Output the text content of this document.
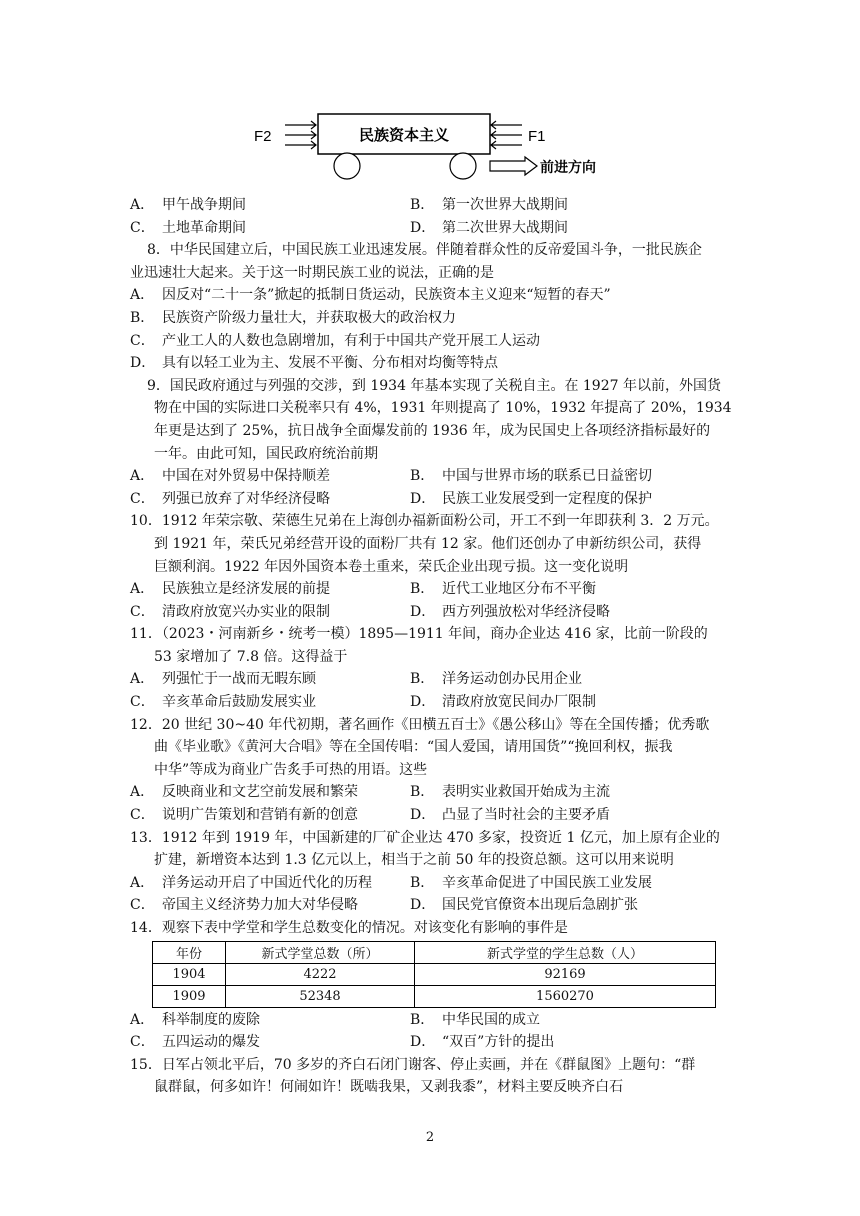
F2	民族资本主义	F1
前进方向
A． 甲午战争期间	B． 第一次世界大战期间
C． 土地革命期间	D． 第二次世界大战期间
8．中华民国建立后，中国民族工业迅速发展。伴随着群众性的反帝爱国斗争，一批民族企
业迅速壮大起来。关于这一时期民族工业的说法，正确的是
A． 因反对“二十一条”掀起的抵制日货运动，民族资本主义迎来“短暂的春天”
B． 民族资产阶级力量壮大，并获取极大的政治权力
C． 产业工人的人数也急剧增加，有利于中国共产党开展工人运动
D． 具有以轻工业为主、发展不平衡、分布相对均衡等特点
9．国民政府通过与列强的交涉，到 1934 年基本实现了关税自主。在 1927 年以前，外国货
物在中国的实际进口关税率只有 4%，1931 年则提高了 10%，1932 年提高了 20%，1934
年更是达到了 25%，抗日战争全面爆发前的 1936 年，成为民国史上各项经济指标最好的
一年。由此可知，国民政府统治前期
A． 中国在对外贸易中保持顺差	B． 中国与世界市场的联系已日益密切
C． 列强已放弃了对华经济侵略	D． 民族工业发展受到一定程度的保护
10．1912 年荣宗敬、荣德生兄弟在上海创办福新面粉公司，开工不到一年即获利 3．2 万元。
到 1921 年，荣氏兄弟经营开设的面粉厂共有 12 家。他们还创办了申新纺织公司，获得
巨额利润。1922 年因外国资本卷土重来，荣氏企业出现亏损。这一变化说明
A． 民族独立是经济发展的前提	B． 近代工业地区分布不平衡
C． 清政府放宽兴办实业的限制	D． 西方列强放松对华经济侵略
11．（2023・河南新乡・统考一模）1895—1911 年间，商办企业达 416 家，比前一阶段的
53 家增加了 7.8 倍。这得益于
A． 列强忙于一战而无暇东顾	B． 洋务运动创办民用企业
C． 辛亥革命后鼓励发展实业	D． 清政府放宽民间办厂限制
12．20 世纪 30~40 年代初期，著名画作《田横五百士》《愚公移山》等在全国传播；优秀歌
曲《毕业歌》《黄河大合唱》等在全国传唱：“国人爱国，请用国货”“挽回利权，振我
中华”等成为商业广告炙手可热的用语。这些
A． 反映商业和文艺空前发展和繁荣	B． 表明实业救国开始成为主流
C． 说明广告策划和营销有新的创意	D． 凸显了当时社会的主要矛盾
13．1912 年到 1919 年，中国新建的厂矿企业达 470 多家，投资近 1 亿元，加上原有企业的
扩建，新增资本达到 1.3 亿元以上，相当于之前 50 年的投资总额。这可以用来说明
A． 洋务运动开启了中国近代化的历程	B． 辛亥革命促进了中国民族工业发展
C． 帝国主义经济势力加大对华侵略	D． 国民党官僚资本出现后急剧扩张
14．观察下表中学堂和学生总数变化的情况。对该变化有影响的事件是
年份	新式学堂总数（所）	新式学堂的学生总数（人）
1904	4222	92169
1909	52348	1560270
A． 科举制度的废除	B． 中华民国的成立
C． 五四运动的爆发	D． “双百”方针的提出
15．日军占领北平后，70 多岁的齐白石闭门谢客、停止卖画，并在《群鼠图》上题句：“群
鼠群鼠，何多如许！何闹如许！既啮我果，又剥我黍”，材料主要反映齐白石
2
